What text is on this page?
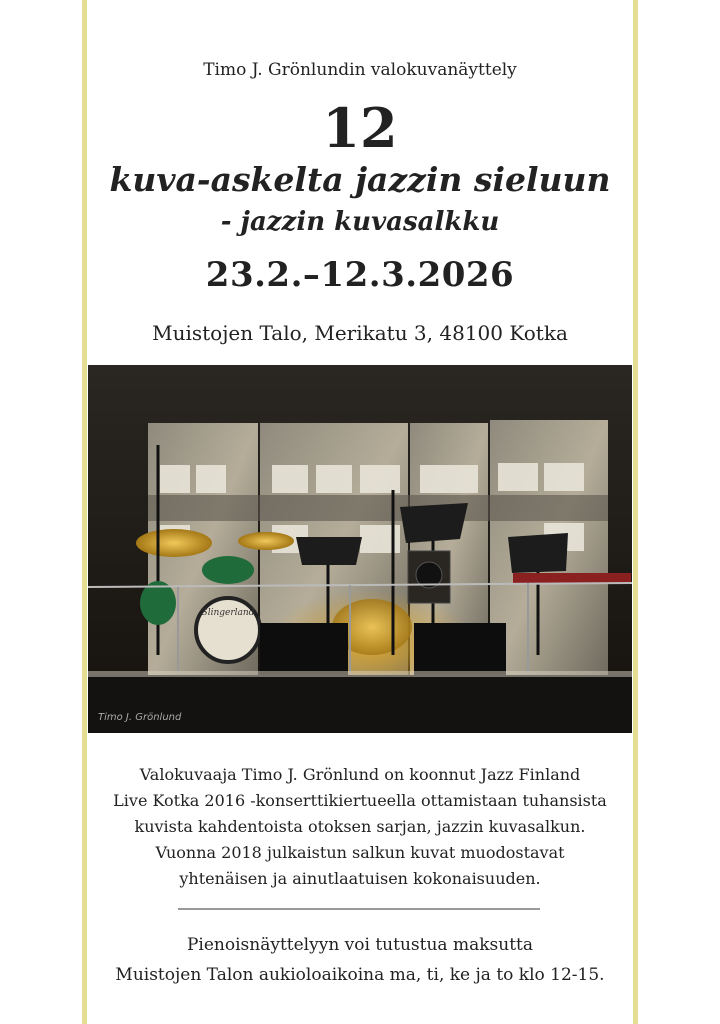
Timo J. Grönlundin valokuvanäyttely
12
kuva-askelta jazzin sieluun
- jazzin kuvasalkku
23.2.–12.3.2026
Muistojen Talo, Merikatu 3, 48100 Kotka
Slingerland
Timo J. Grönlund
Valokuvaaja Timo J. Grönlund on koonnut Jazz Finland
Live Kotka 2016 -konserttikiertueella ottamistaan tuhansista
kuvista kahdentoista otoksen sarjan, jazzin kuvasalkun.
Vuonna 2018 julkaistun salkun kuvat muodostavat
yhtenäisen ja ainutlaatuisen kokonaisuuden.
Pienoisnäyttelyyn voi tutustua maksutta
Muistojen Talon aukioloaikoina ma, ti, ke ja to klo 12-15.
